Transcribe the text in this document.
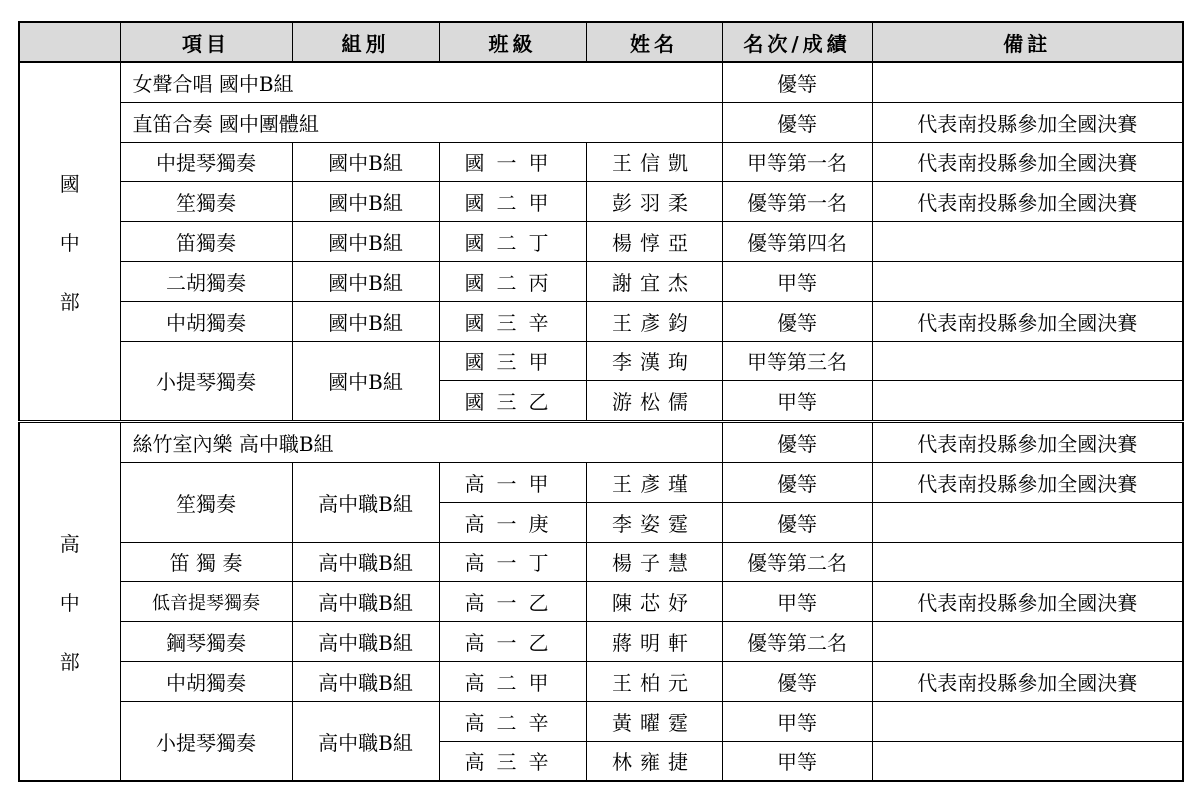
	項目	組別	班級	姓名	名次/成績	備註

國
中
部	女聲合唱 國中B組				優等	
	直笛合奏 國中團體組				優等	代表南投縣參加全國決賽
	中提琴獨奏	國中B組	國一甲	王信凱	甲等第一名	代表南投縣參加全國決賽
	笙獨奏	國中B組	國二甲	彭羽柔	優等第一名	代表南投縣參加全國決賽
	笛獨奏	國中B組	國二丁	楊惇亞	優等第四名	
	二胡獨奏	國中B組	國二丙	謝宜杰	甲等	
	中胡獨奏	國中B組	國三辛	王彥鈞	優等	代表南投縣參加全國決賽
	小提琴獨奏	國中B組	國三甲	李漢珣	甲等第三名	
			國三乙	游松儒	甲等	

高
中
部	絲竹室內樂 高中職B組				優等	代表南投縣參加全國決賽
	笙獨奏	高中職B組	高一甲	王彥瑾	優等	代表南投縣參加全國決賽
			高一庚	李姿霆	優等	
	笛 獨 奏	高中職B組	高一丁	楊子慧	優等第二名	
	低音提琴獨奏	高中職B組	高一乙	陳芯妤	甲等	代表南投縣參加全國決賽
	鋼琴獨奏	高中職B組	高一乙	蔣明軒	優等第二名	
	中胡獨奏	高中職B組	高二甲	王柏元	優等	代表南投縣參加全國決賽
	小提琴獨奏	高中職B組	高二辛	黃曜霆	甲等	
			高三辛	林雍捷	甲等	
